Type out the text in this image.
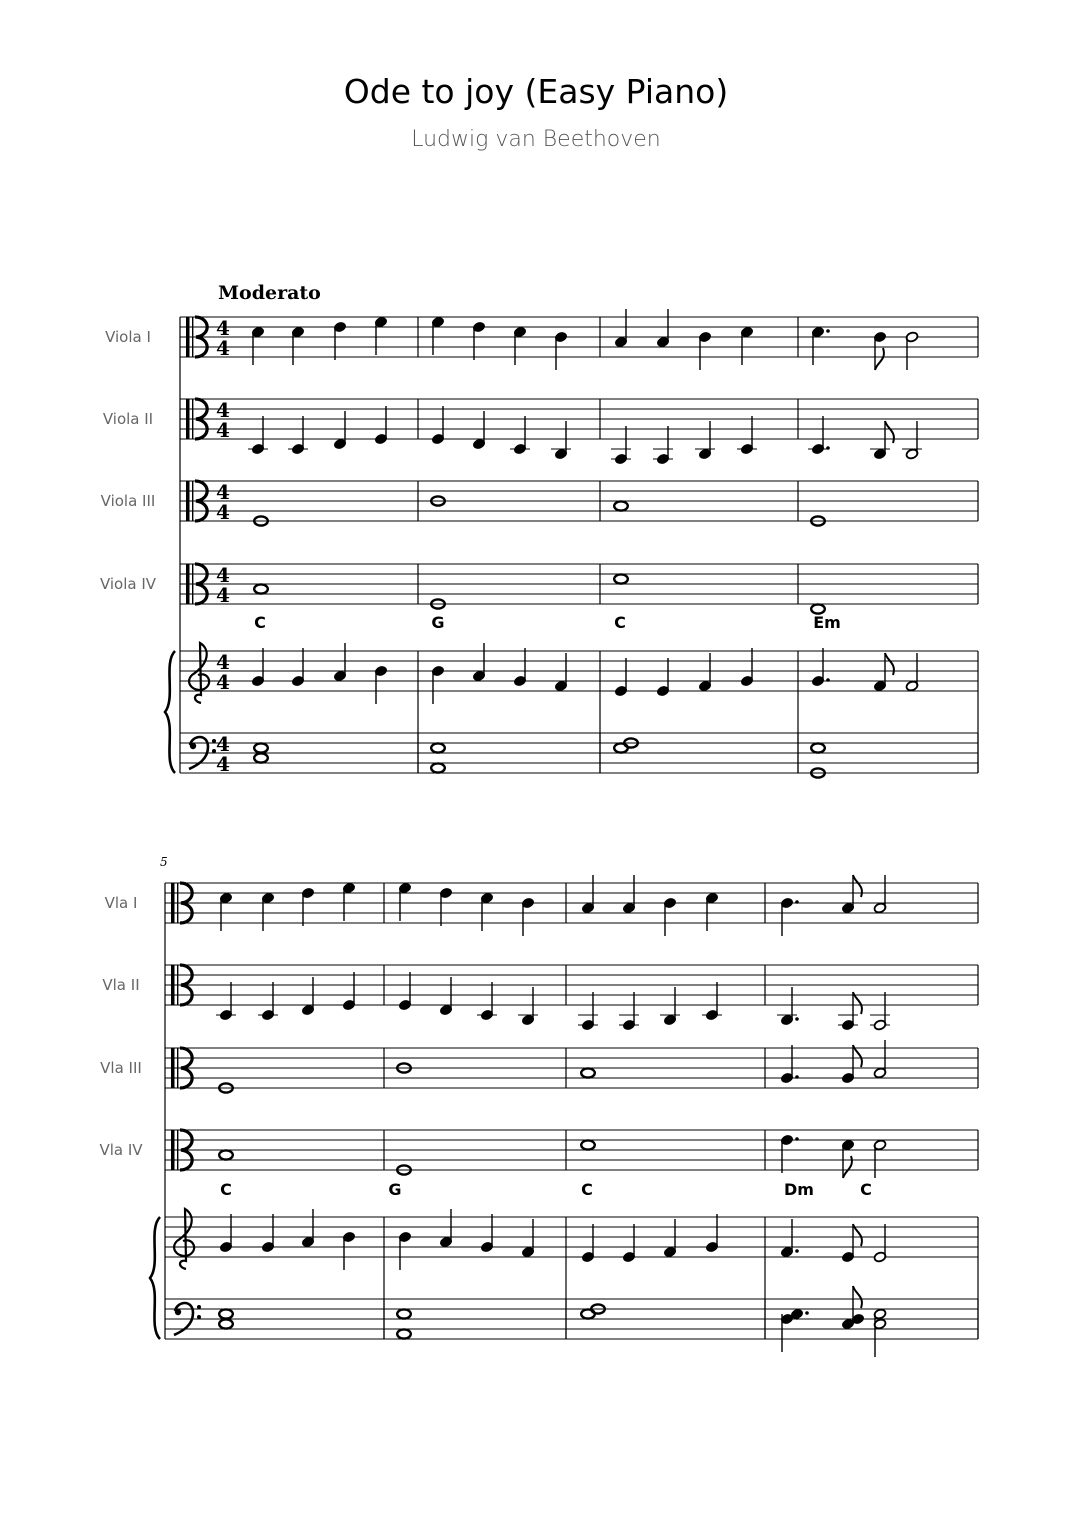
Ode to joy (Easy Piano)
Ludwig van Beethoven
Moderato
Viola I	4
4
Viola II	4
4
Viola III	4
4
Viola IV	4
4
4
4
4
4
C	G	C	Em
5
Vla I
Vla II
Vla III
Vla IV
C	G	C	Dm	C
